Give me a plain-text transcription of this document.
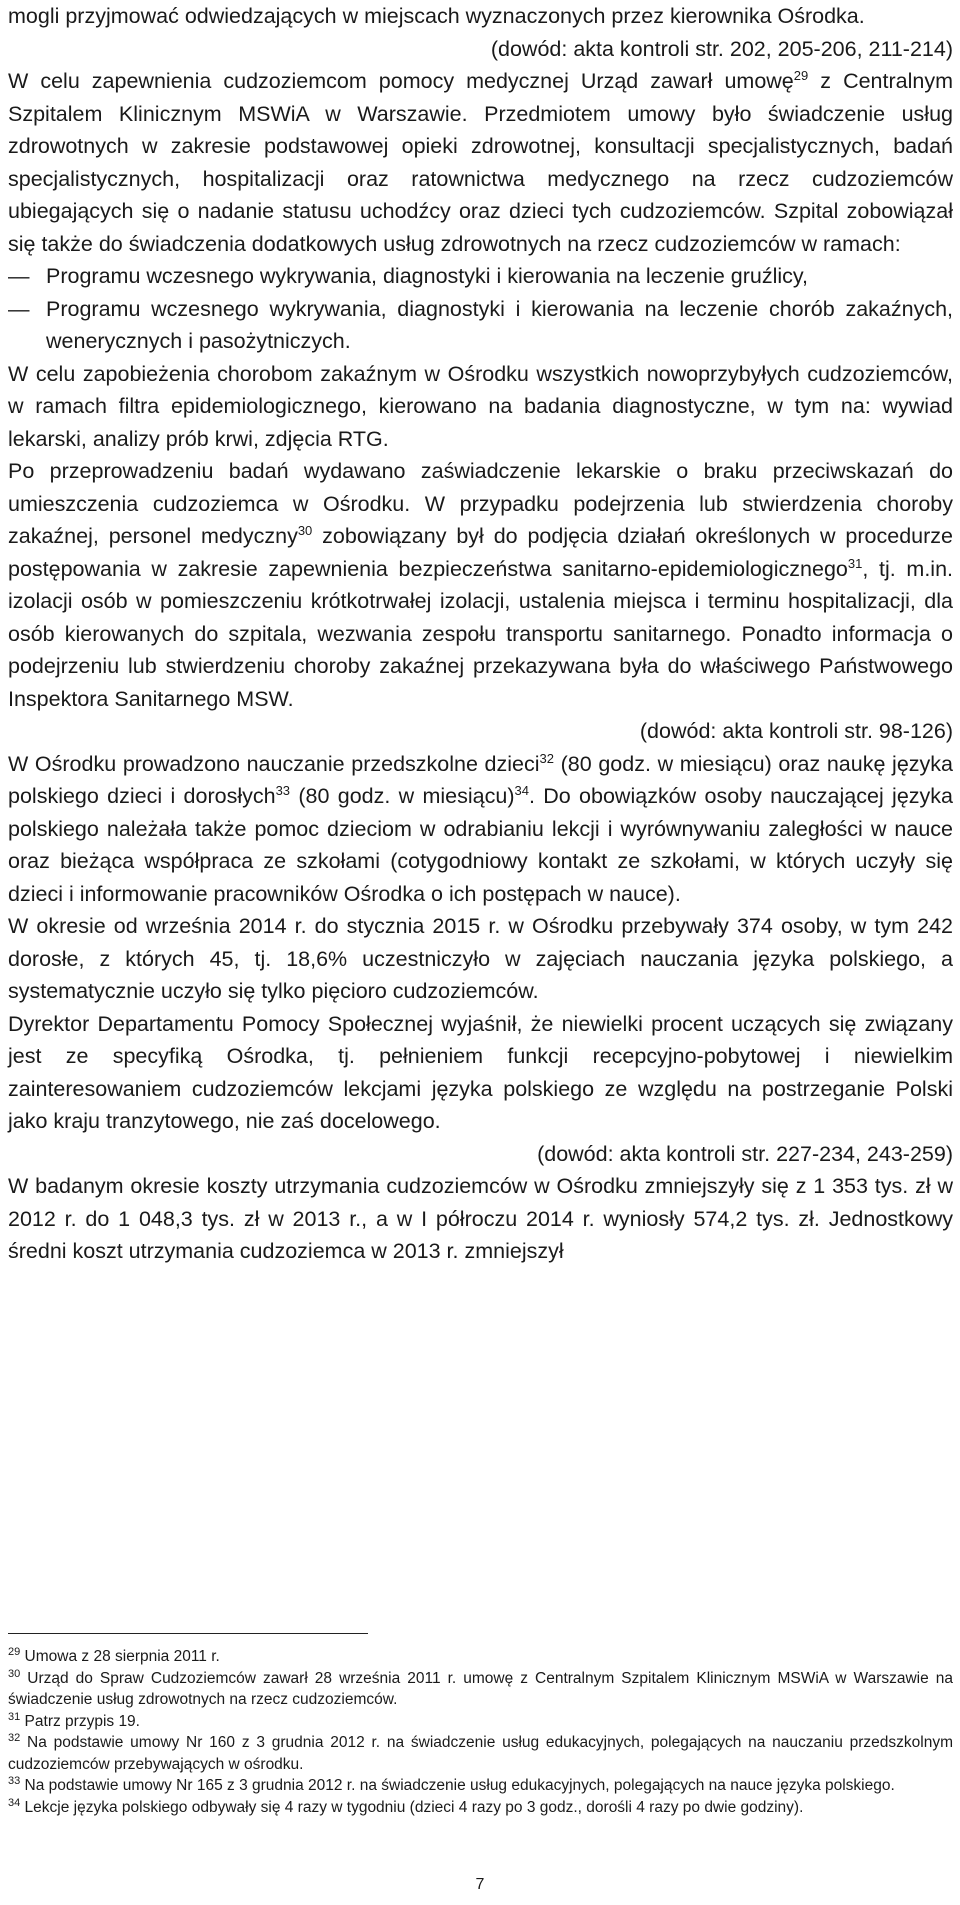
mogli przyjmować odwiedzających w miejscach wyznaczonych przez kierownika Ośrodka.

(dowód: akta kontroli str. 202, 205-206, 211-214)

W celu zapewnienia cudzoziemcom pomocy medycznej Urząd zawarł umowę$^{29}$ z Centralnym Szpitalem Klinicznym MSWiA w Warszawie. Przedmiotem umowy było świadczenie usług zdrowotnych w zakresie podstawowej opieki zdrowotnej, konsultacji specjalistycznych, badań specjalistycznych, hospitalizacji oraz ratownictwa medycznego na rzecz cudzoziemców ubiegających się o nadanie statusu uchodźcy oraz dzieci tych cudzoziemców. Szpital zobowiązał się także do świadczenia dodatkowych usług zdrowotnych na rzecz cudzoziemców w ramach:

— Programu wczesnego wykrywania, diagnostyki i kierowania na leczenie gruźlicy,
— Programu wczesnego wykrywania, diagnostyki i kierowania na leczenie chorób zakaźnych, wenerycznych i pasożytniczych.

W celu zapobieżenia chorobom zakaźnym w Ośrodku wszystkich nowoprzybyłych cudzoziemców, w ramach filtra epidemiologicznego, kierowano na badania diagnostyczne, w tym na: wywiad lekarski, analizy prób krwi, zdjęcia RTG.

Po przeprowadzeniu badań wydawano zaświadczenie lekarskie o braku przeciwskazań do umieszczenia cudzoziemca w Ośrodku. W przypadku podejrzenia lub stwierdzenia choroby zakaźnej, personel medyczny$^{30}$ zobowiązany był do podjęcia działań określonych w procedurze postępowania w zakresie zapewnienia bezpieczeństwa sanitarno-epidemiologicznego$^{31}$, tj. m.in. izolacji osób w pomieszczeniu krótkotrwałej izolacji, ustalenia miejsca i terminu hospitalizacji, dla osób kierowanych do szpitala, wezwania zespołu transportu sanitarnego. Ponadto informacja o podejrzeniu lub stwierdzeniu choroby zakaźnej przekazywana była do właściwego Państwowego Inspektora Sanitarnego MSW.

(dowód: akta kontroli str. 98-126)

W Ośrodku prowadzono nauczanie przedszkolne dzieci$^{32}$ (80 godz. w miesiącu) oraz naukę języka polskiego dzieci i dorosłych$^{33}$ (80 godz. w miesiącu)$^{34}$. Do obowiązków osoby nauczającej języka polskiego należała także pomoc dzieciom w odrabianiu lekcji i wyrównywaniu zaległości w nauce oraz bieżąca współpraca ze szkołami (cotygodniowy kontakt ze szkołami, w których uczyły się dzieci i informowanie pracowników Ośrodka o ich postępach w nauce).

W okresie od września 2014 r. do stycznia 2015 r. w Ośrodku przebywały 374 osoby, w tym 242 dorosłe, z których 45, tj. 18,6% uczestniczyło w zajęciach nauczania języka polskiego, a systematycznie uczyło się tylko pięcioro cudzoziemców.

Dyrektor Departamentu Pomocy Społecznej wyjaśnił, że niewielki procent uczących się związany jest ze specyfiką Ośrodka, tj. pełnieniem funkcji recepcyjno-pobytowej i niewielkim zainteresowaniem cudzoziemców lekcjami języka polskiego ze względu na postrzeganie Polski jako kraju tranzytowego, nie zaś docelowego.

(dowód: akta kontroli str. 227-234, 243-259)

W badanym okresie koszty utrzymania cudzoziemców w Ośrodku zmniejszyły się z 1 353 tys. zł w 2012 r. do 1 048,3 tys. zł w 2013 r., a w I półroczu 2014 r. wyniosły 574,2 tys. zł. Jednostkowy średni koszt utrzymania cudzoziemca w 2013 r. zmniejszył

$^{29}$ Umowa z 28 sierpnia 2011 r.

$^{30}$ Urząd do Spraw Cudzoziemców zawarł 28 września 2011 r. umowę z Centralnym Szpitalem Klinicznym MSWiA w Warszawie na świadczenie usług zdrowotnych na rzecz cudzoziemców.

$^{31}$ Patrz przypis 19.

$^{32}$ Na podstawie umowy Nr 160 z 3 grudnia 2012 r. na świadczenie usług edukacyjnych, polegających na nauczaniu przedszkolnym cudzoziemców przebywających w ośrodku.

$^{33}$ Na podstawie umowy Nr 165 z 3 grudnia 2012 r. na świadczenie usług edukacyjnych, polegających na nauce języka polskiego.

$^{34}$ Lekcje języka polskiego odbywały się 4 razy w tygodniu (dzieci 4 razy po 3 godz., dorośli 4 razy po dwie godziny).

7
